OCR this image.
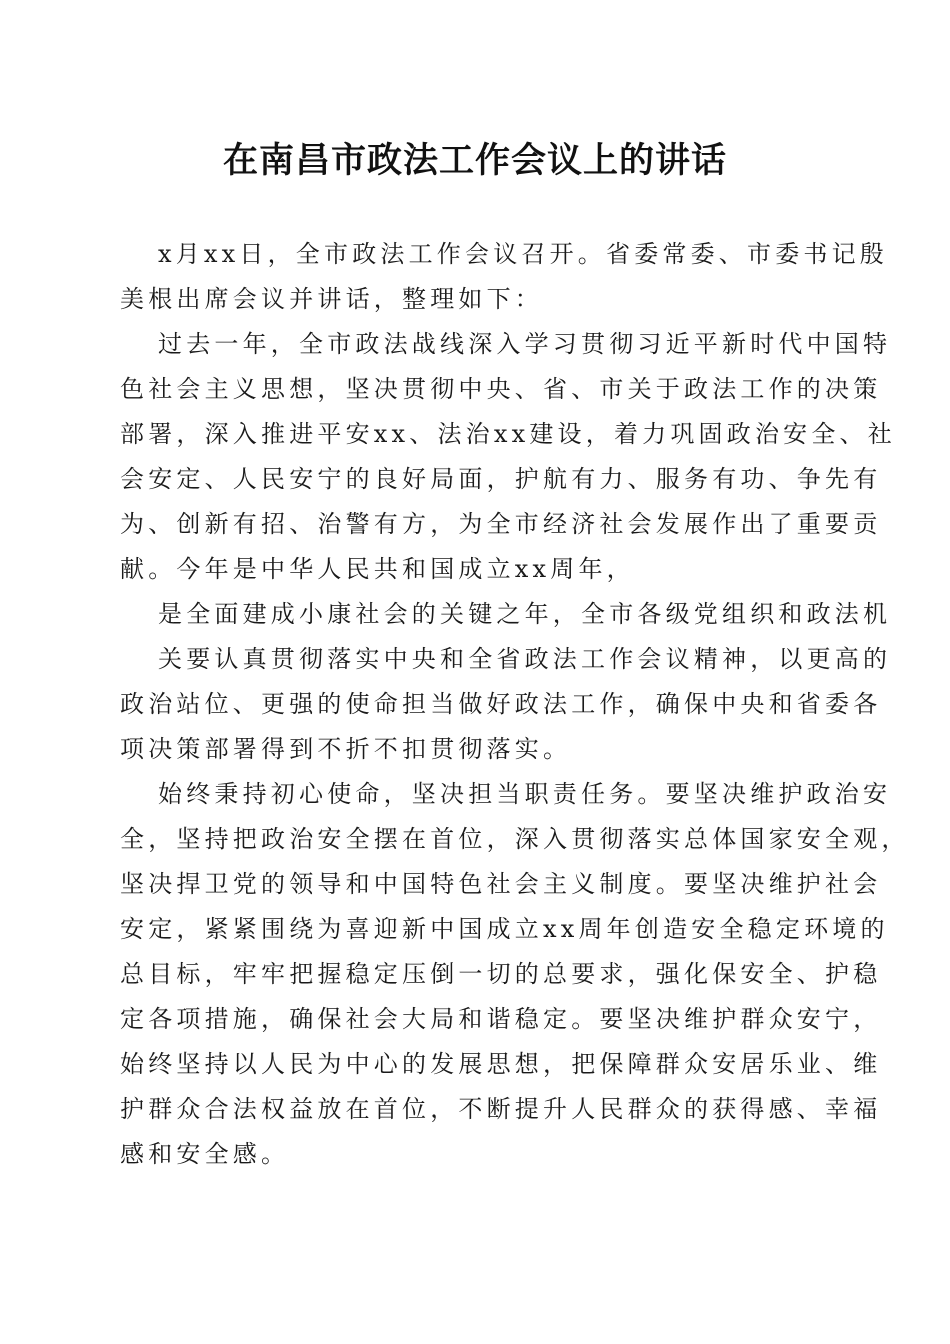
在南昌市政法工作会议上的讲话
x月xx日，全市政法工作会议召开。省委常委、市委书记殷
美根出席会议并讲话，整理如下：
过去一年，全市政法战线深入学习贯彻习近平新时代中国特
色社会主义思想，坚决贯彻中央、省、市关于政法工作的决策
部署，深入推进平安xx、法治xx建设，着力巩固政治安全、社
会安定、人民安宁的良好局面，护航有力、服务有功、争先有
为、创新有招、治警有方，为全市经济社会发展作出了重要贡
献。今年是中华人民共和国成立xx周年，
是全面建成小康社会的关键之年，全市各级党组织和政法机
关要认真贯彻落实中央和全省政法工作会议精神，以更高的
政治站位、更强的使命担当做好政法工作，确保中央和省委各
项决策部署得到不折不扣贯彻落实。
始终秉持初心使命，坚决担当职责任务。要坚决维护政治安
全，坚持把政治安全摆在首位，深入贯彻落实总体国家安全观，
坚决捍卫党的领导和中国特色社会主义制度。要坚决维护社会
安定，紧紧围绕为喜迎新中国成立xx周年创造安全稳定环境的
总目标，牢牢把握稳定压倒一切的总要求，强化保安全、护稳
定各项措施，确保社会大局和谐稳定。要坚决维护群众安宁，
始终坚持以人民为中心的发展思想，把保障群众安居乐业、维
护群众合法权益放在首位，不断提升人民群众的获得感、幸福
感和安全感。
